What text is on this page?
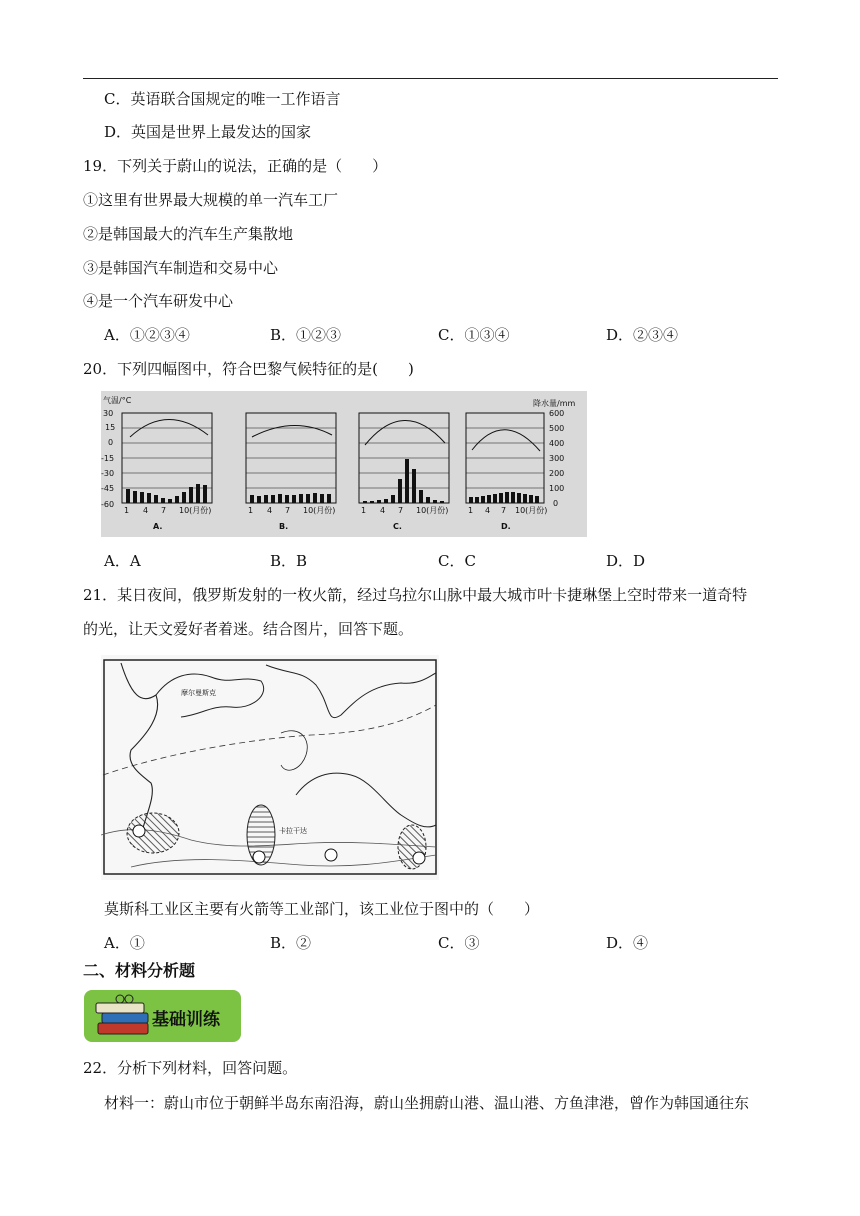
C．英语联合国规定的唯一工作语言
D．英国是世界上最发达的国家
19．下列关于蔚山的说法，正确的是（　　）
①这里有世界最大规模的单一汽车工厂
②是韩国最大的汽车生产集散地
③是韩国汽车制造和交易中心
④是一个汽车研发中心
A．①②③④	B．①②③	C．①③④	D．②③④
20．下列四幅图中，符合巴黎气候特征的是(　　)
气温/°C	降水量/mm
30
15
0
-15
-30
-45
-60
600
500
400
300
200
100
0
1 4 7 10(月份)	1 4 7 10(月份)	1 4 7 10(月份) 1 4 7 10(月份)
A.	B.	C.	D.
A．A	B．B	C．C	D．D
21．某日夜间，俄罗斯发射的一枚火箭，经过乌拉尔山脉中最大城市叶卡捷琳堡上空时带来一道奇特
的光，让天文爱好者着迷。结合图片，回答下题。
摩尔曼斯克
卡拉干达
莫斯科工业区主要有火箭等工业部门，该工业位于图中的（　　）
A．①	B．②	C．③	D．④
二、材料分析题
基础训练
22．分析下列材料，回答问题。
材料一：蔚山市位于朝鲜半岛东南沿海，蔚山坐拥蔚山港、温山港、方鱼津港，曾作为韩国通往东
